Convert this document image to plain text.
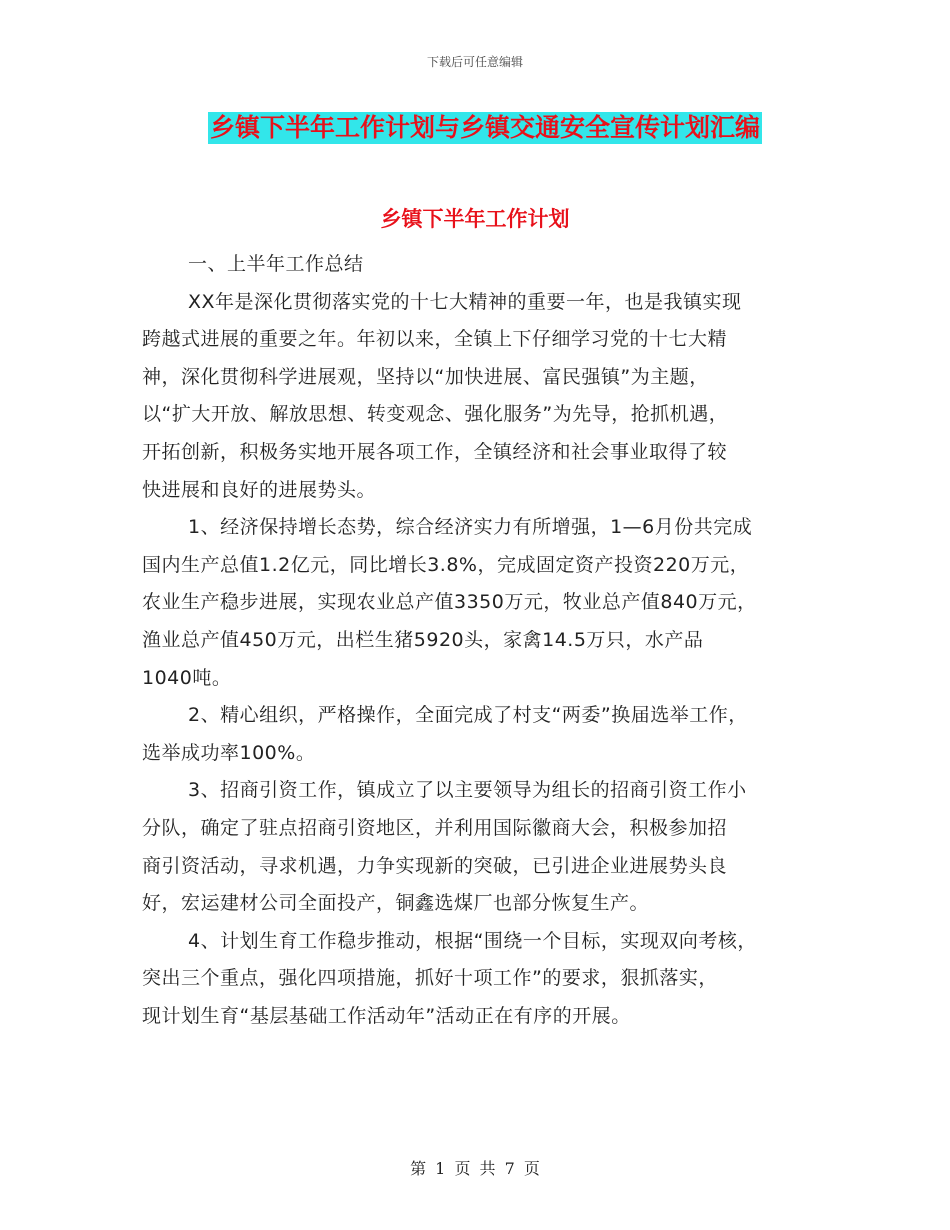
下载后可任意编辑
乡镇下半年工作计划与乡镇交通安全宣传计划汇编
乡镇下半年工作计划

一、上半年工作总结

XX年是深化贯彻落实党的十七大精神的重要一年，也是我镇实现

跨越式进展的重要之年。年初以来，全镇上下仔细学习党的十七大精

神，深化贯彻科学进展观，坚持以“加快进展、富民强镇”为主题，

以“扩大开放、解放思想、转变观念、强化服务”为先导，抢抓机遇，

开拓创新，积极务实地开展各项工作，全镇经济和社会事业取得了较

快进展和良好的进展势头。

1、经济保持增长态势，综合经济实力有所增强，1—6月份共完成

国内生产总值1.2亿元，同比增长3.8%，完成固定资产投资220万元，

农业生产稳步进展，实现农业总产值3350万元，牧业总产值840万元，

渔业总产值450万元，出栏生猪5920头，家禽14.5万只，水产品

1040吨。

2、精心组织，严格操作，全面完成了村支“两委”换届选举工作，

选举成功率100%。

3、招商引资工作，镇成立了以主要领导为组长的招商引资工作小

分队，确定了驻点招商引资地区，并利用国际徽商大会，积极参加招

商引资活动，寻求机遇，力争实现新的突破，已引进企业进展势头良

好，宏运建材公司全面投产，铜鑫选煤厂也部分恢复生产。

4、计划生育工作稳步推动，根据“围绕一个目标，实现双向考核，

突出三个重点，强化四项措施，抓好十项工作”的要求，狠抓落实，

现计划生育“基层基础工作活动年”活动正在有序的开展。

第 1 页 共 7 页
